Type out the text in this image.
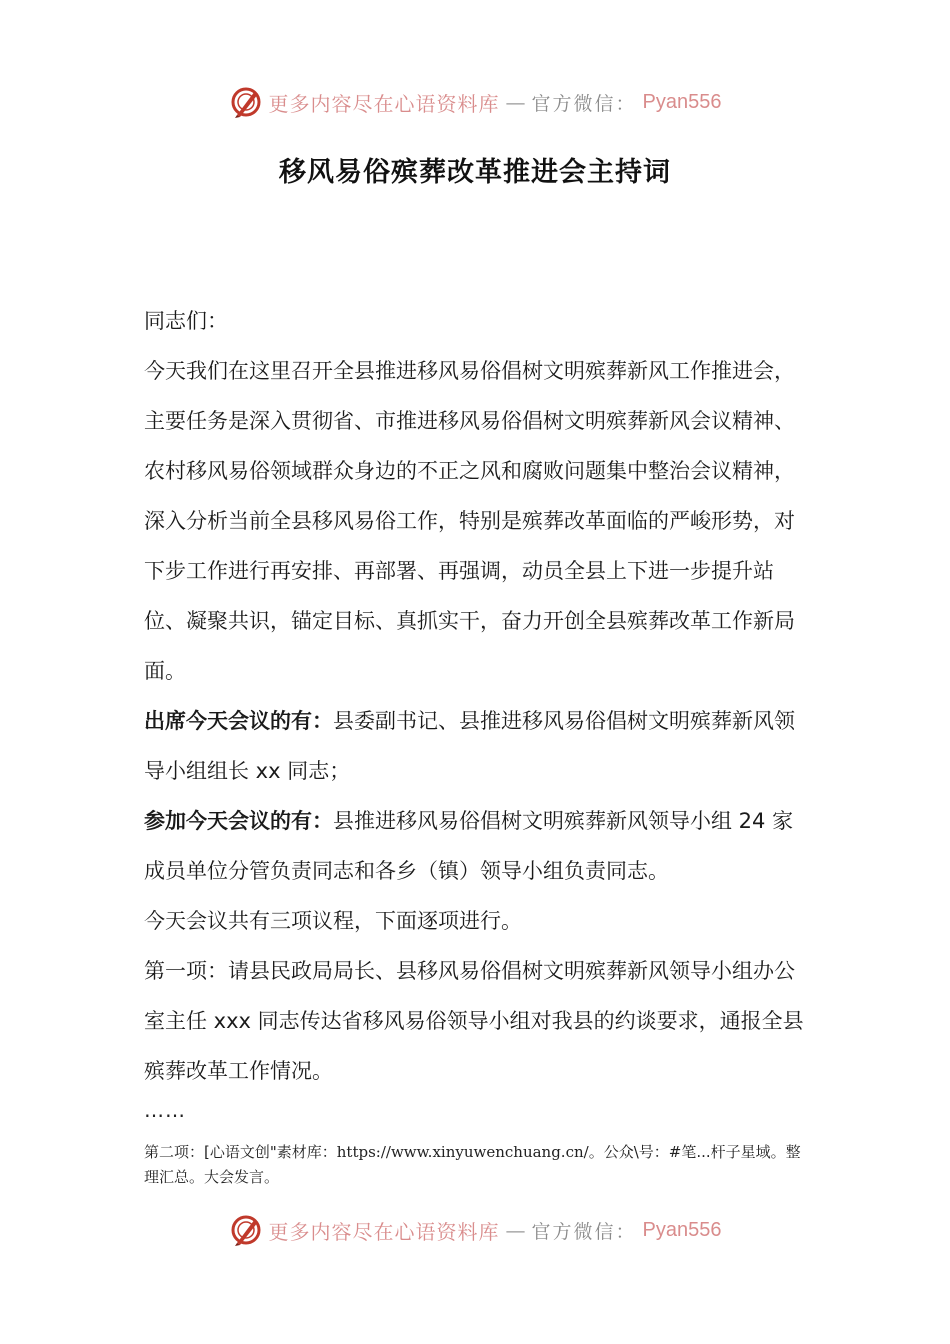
更多内容尽在心语资料库 — 官方微信： Pyan556
移风易俗殡葬改革推进会主持词

同志们：

今天我们在这里召开全县推进移风易俗倡树文明殡葬新风工作推进会，主要任务是深入贯彻省、市推进移风易俗倡树文明殡葬新风会议精神、农村移风易俗领域群众身边的不正之风和腐败问题集中整治会议精神，深入分析当前全县移风易俗工作，特别是殡葬改革面临的严峻形势，对下步工作进行再安排、再部署、再强调，动员全县上下进一步提升站位、凝聚共识，锚定目标、真抓实干，奋力开创全县殡葬改革工作新局面。

出席今天会议的有：县委副书记、县推进移风易俗倡树文明殡葬新风领导小组组长 xx 同志；

参加今天会议的有：县推进移风易俗倡树文明殡葬新风领导小组 24 家成员单位分管负责同志和各乡（镇）领导小组负责同志。

今天会议共有三项议程，下面逐项进行。

第一项：请县民政局局长、县移风易俗倡树文明殡葬新风领导小组办公室主任 xxx 同志传达省移风易俗领导小组对我县的约谈要求，通报全县殡葬改革工作情况。

……
第二项：[心语文创"素材库：https://www.xinyuwenchuang.cn/。公众\号：#笔...杆子星域。整理汇总。大会发言。
更多内容尽在心语资料库 — 官方微信： Pyan556
